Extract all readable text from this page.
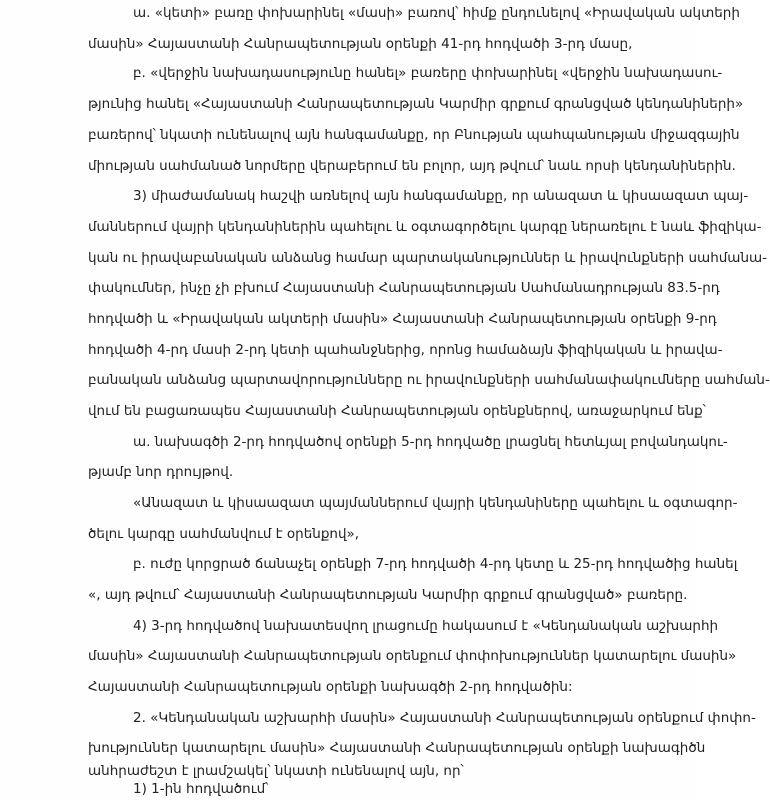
ա. «կետի» բառը փոխարինել «մասի» բառով՝ հիմք ընդունելով «Իրավական ակտերի
մասին» Հայաստանի Հանրապետության օրենքի 41-րդ հոդվածի 3-րդ մասը,
բ. «վերջին նախադասությունը հանել» բառերը փոխարինել «վերջին նախադասու-
թյունից հանել «Հայաստանի Հանրապետության Կարմիր գրքում գրանցված կենդանիների»
բառերով՝ նկատի ունենալով այն հանգամանքը, որ Բնության պահպանության միջազգային
միության սահմանած նորմերը վերաբերում են բոլոր, այդ թվում՝ նաև որսի կենդանիներին.
3) միաժամանակ հաշվի առնելով այն հանգամանքը, որ անազատ և կիսաազատ պայ-
մաններում վայրի կենդանիներին պահելու և օգտագործելու կարգը ներառելու է նաև ֆիզիկա-
կան ու իրավաբանական անձանց համար պարտականություններ և իրավունքների սահմանա-
փակումներ, ինչը չի բխում Հայաստանի Հանրապետության Սահմանադրության 83.5-րդ
հոդվածի և «Իրավական ակտերի մասին» Հայաստանի Հանրապետության օրենքի 9-րդ
հոդվածի 4-րդ մասի 2-րդ կետի պահանջներից, որոնց համաձայն ֆիզիկական և իրավա-
բանական անձանց պարտավորությունները ու իրավունքների սահմանափակումները սահման-
վում են բացառապես Հայաստանի Հանրապետության օրենքներով, առաջարկում ենք՝
ա. նախագծի 2-րդ հոդվածով օրենքի 5-րդ հոդվածը լրացնել հետևյալ բովանդակու-
թյամբ նոր դրույթով.
«Անազատ և կիսաազատ պայմաններում վայրի կենդանիները պահելու և օգտագոր-
ծելու կարգը սահմանվում է օրենքով»,
բ. ուժը կորցրած ճանաչել օրենքի 7-րդ հոդվածի 4-րդ կետը և 25-րդ հոդվածից հանել
«, այդ թվում՝ Հայաստանի Հանրապետության Կարմիր գրքում գրանցված» բառերը.
4) 3-րդ հոդվածով նախատեսվող լրացումը հակասում է «Կենդանական աշխարհի
մասին» Հայաստանի Հանրապետության օրենքում փոփոխություններ կատարելու մասին»
Հայաստանի Հանրապետության օրենքի նախագծի 2-րդ հոդվածին:
2. «Կենդանական աշխարհի մասին» Հայաստանի Հանրապետության օրենքում փոփո-
խություններ կատարելու մասին» Հայաստանի Հանրապետության օրենքի նախագիծն
անհրաժեշտ է լրամշակել՝ նկատի ունենալով այն, որ՝
1) 1-ին հոդվածում՝
